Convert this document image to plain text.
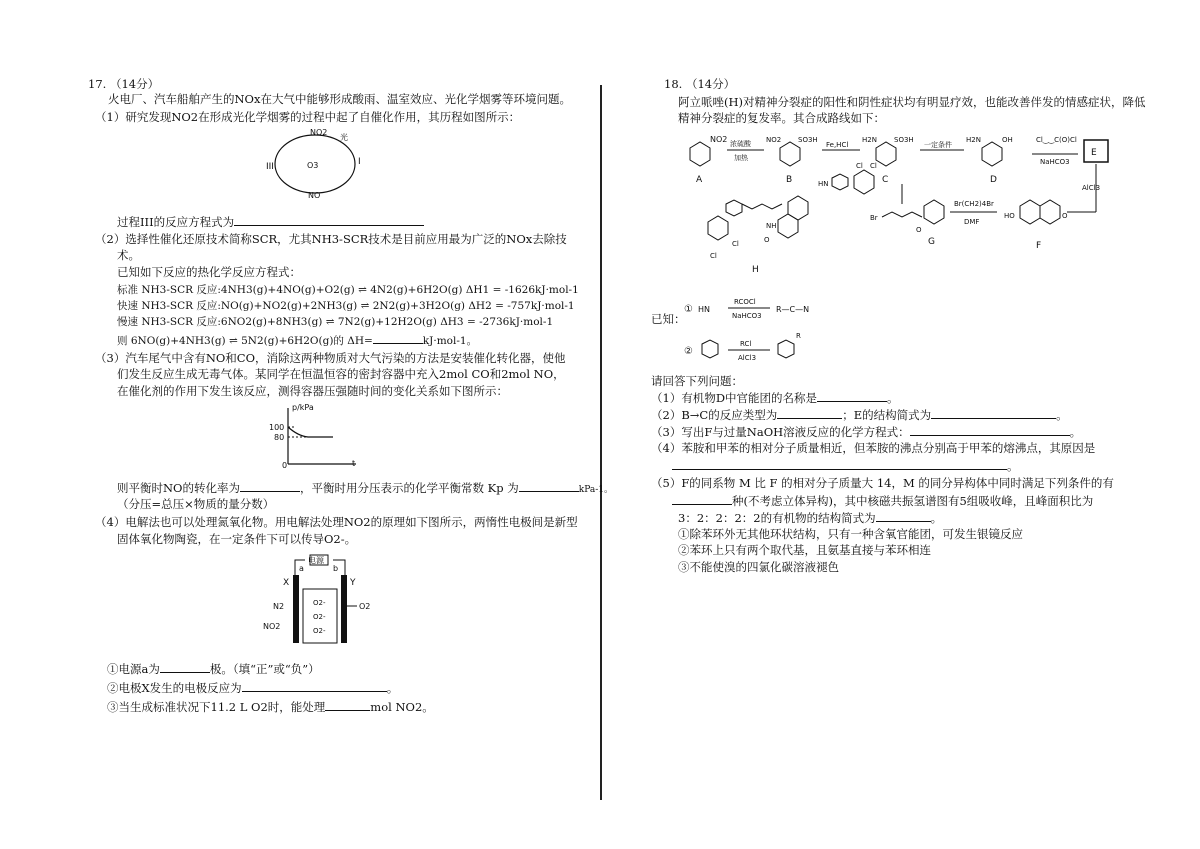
17. （14分）
火电厂、汽车船舶产生的NOx在大气中能够形成酸雨、温室效应、光化学烟雾等环境问题。
（1）研究发现NO2在形成光化学烟雾的过程中起了自催化作用，其历程如图所示：
NO2
光
III	I
NO
O3
过程III的反应方程式为
（2）选择性催化还原技术简称SCR，尤其NH3-SCR技术是目前应用最为广泛的NOx去除技
术。
已知如下反应的热化学反应方程式：
标准 NH3-SCR 反应:4NH3(g)+4NO(g)+O2(g) ⇌ 4N2(g)+6H2O(g) ΔH1 = -1626kJ·mol-1
快速 NH3-SCR 反应:NO(g)+NO2(g)+2NH3(g) ⇌ 2N2(g)+3H2O(g) ΔH2 = -757kJ·mol-1
慢速 NH3-SCR 反应:6NO2(g)+8NH3(g) ⇌ 7N2(g)+12H2O(g) ΔH3 = -2736kJ·mol-1
则 6NO(g)+4NH3(g) ⇌ 5N2(g)+6H2O(g)的 ΔH=	kJ·mol-1。
（3）汽车尾气中含有NO和CO，消除这两种物质对大气污染的方法是安装催化转化器，使他
们发生反应生成无毒气体。某同学在恒温恒容的密封容器中充入2mol CO和2mol NO，
在催化剂的作用下发生该反应，测得容器压强随时间的变化关系如下图所示：
p/kPa
t
100
80
0
则平衡时NO的转化率为	，平衡时用分压表示的化学平衡常数 Kp 为	kPa-1。
（分压=总压×物质的量分数）
（4）电解法也可以处理氮氧化物。用电解法处理NO2的原理如下图所示，两惰性电极间是新型
固体氧化物陶瓷，在一定条件下可以传导O2-。
电源
a	b
X	Y
O2-
O2-
O2-
N2
NO2
O2
①电源a为	极。（填“正”或“负”）
②电极X发生的电极反应为	。
③当生成标准状况下11.2 L O2时，能处理	mol NO2。
18. （14分）
阿立哌唑(H)对精神分裂症的阳性和阴性症状均有明显疗效，也能改善伴发的情感症状，降低
精神分裂症的复发率。其合成路线如下：
NO2
A
浓硫酸
加热
NO2 SO3H
B
Fe,HCl
H2N SO3H
C
一定条件
H2N	OH
D
Cl‿‿C(O)Cl
NaHCO3
E
AlCl3
HO	O
F
Br(CH2)4Br
DMF
Br
O
G
Cl Cl
HN
Cl
Cl
NH
O
H
已知：
① HN
RCOCl
NaHCO3
R—C—N
②
RCl
AlCl3
R
请回答下列问题：
（1）有机物D中官能团的名称是	。
（2）B→C的反应类型为	；E的结构简式为	。
（3）写出F与过量NaOH溶液反应的化学方程式：	。
（4）苯胺和甲苯的相对分子质量相近，但苯胺的沸点分别高于甲苯的熔沸点，其原因是
。
（5）F的同系物 M 比 F 的相对分子质量大 14，M 的同分异构体中同时满足下列条件的有
种(不考虑立体异构)，其中核磁共振氢谱图有5组吸收峰，且峰面积比为
3：2：2：2：2的有机物的结构简式为	。
①除苯环外无其他环状结构，只有一种含氧官能团，可发生银镜反应
②苯环上只有两个取代基，且氨基直接与苯环相连
③不能使溴的四氯化碳溶液褪色
